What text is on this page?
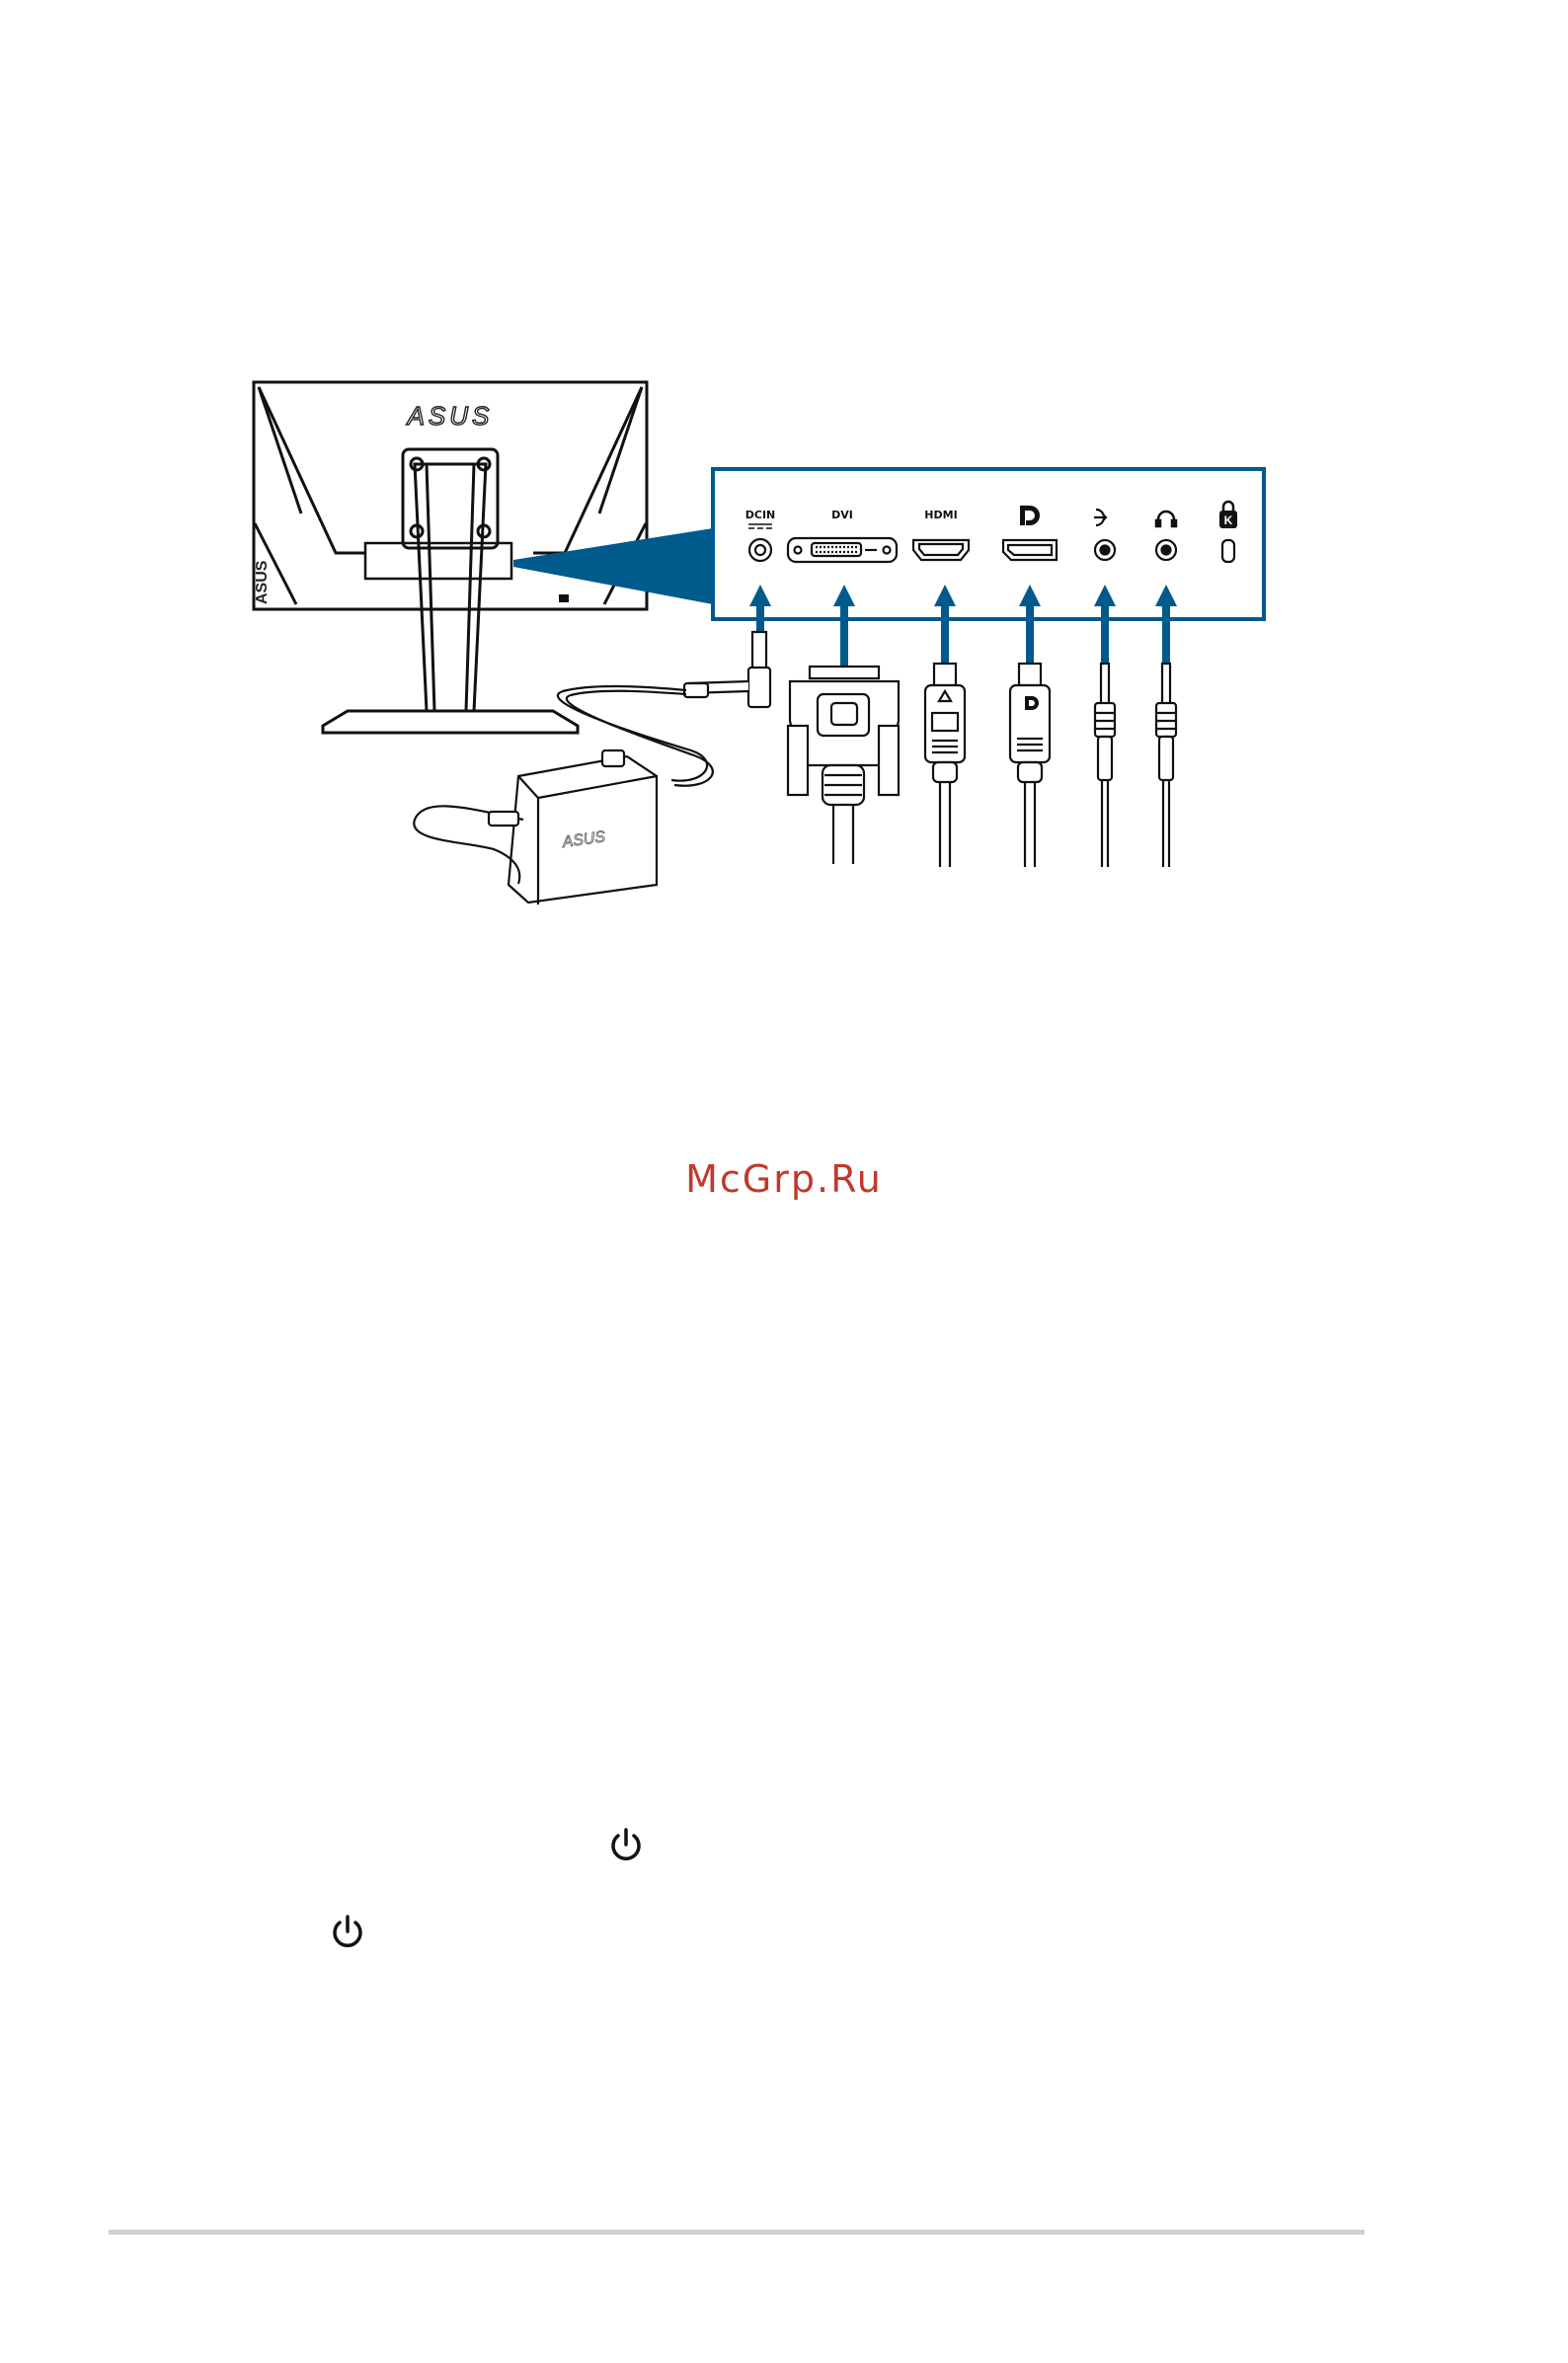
ASUS
ASUS
DCIN	DVI	HDMI	K
ASUS
McGrp.Ru
